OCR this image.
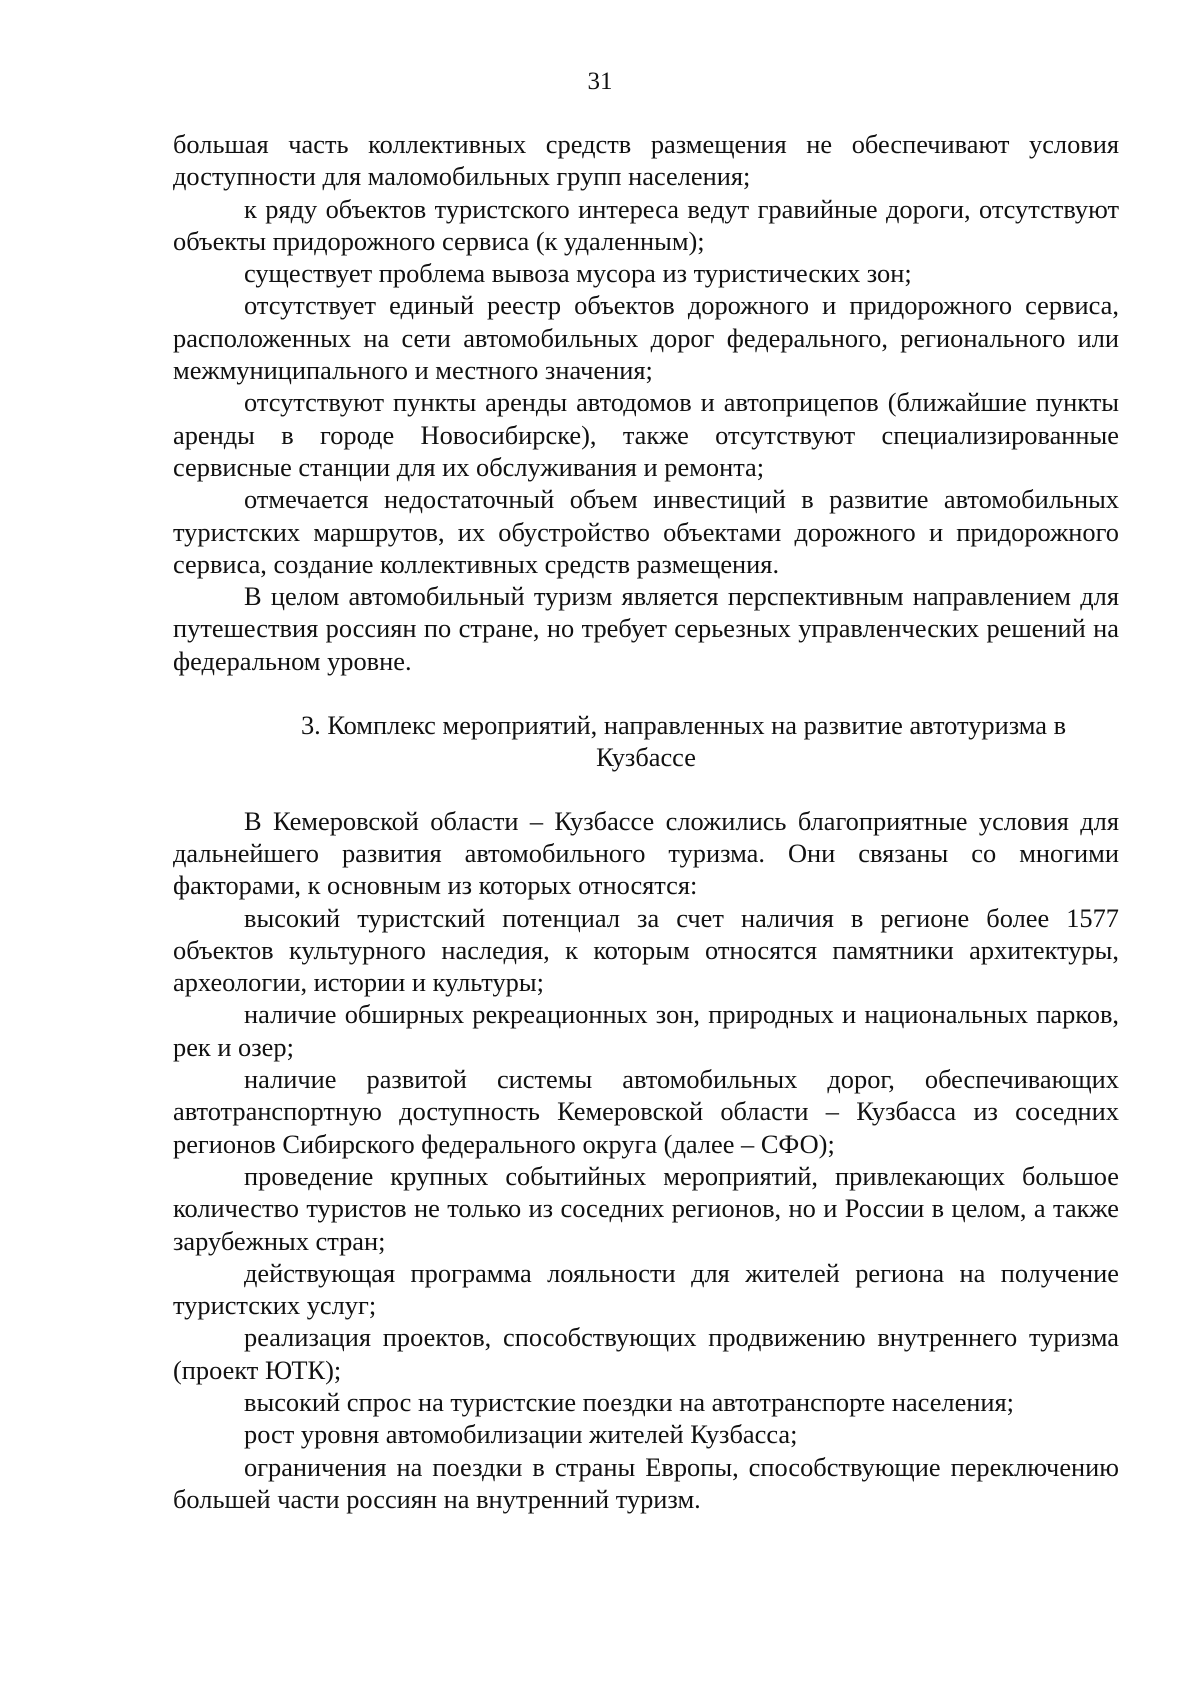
31

большая часть коллективных средств размещения не обеспечивают условия доступности для маломобильных групп населения;

к ряду объектов туристского интереса ведут гравийные дороги, отсутствуют объекты придорожного сервиса (к удаленным);

существует проблема вывоза мусора из туристических зон;

отсутствует единый реестр объектов дорожного и придорожного сервиса, расположенных на сети автомобильных дорог федерального, регионального или межмуниципального и местного значения;

отсутствуют пункты аренды автодомов и автоприцепов (ближайшие пункты аренды в городе Новосибирске), также отсутствуют специализированные сервисные станции для их обслуживания и ремонта;

отмечается недостаточный объем инвестиций в развитие автомобильных туристских маршрутов, их обустройство объектами дорожного и придорожного сервиса, создание коллективных средств размещения.

В целом автомобильный туризм является перспективным направлением для путешествия россиян по стране, но требует серьезных управленческих решений на федеральном уровне.

3. Комплекс мероприятий, направленных на развитие автотуризма в
Кузбассе

В Кемеровской области – Кузбассе сложились благоприятные условия для дальнейшего развития автомобильного туризма. Они связаны со многими факторами, к основным из которых относятся:

высокий туристский потенциал за счет наличия в регионе более 1577 объектов культурного наследия, к которым относятся памятники архитектуры, археологии, истории и культуры;

наличие обширных рекреационных зон, природных и национальных парков, рек и озер;

наличие развитой системы автомобильных дорог, обеспечивающих автотранспортную доступность Кемеровской области – Кузбасса из соседних регионов Сибирского федерального округа (далее – СФО);

проведение крупных событийных мероприятий, привлекающих большое количество туристов не только из соседних регионов, но и России в целом, а также зарубежных стран;

действующая программа лояльности для жителей региона на получение туристских услуг;

реализация проектов, способствующих продвижению внутреннего туризма (проект ЮТК);

высокий спрос на туристские поездки на автотранспорте населения;

рост уровня автомобилизации жителей Кузбасса;

ограничения на поездки в страны Европы, способствующие переключению большей части россиян на внутренний туризм.
